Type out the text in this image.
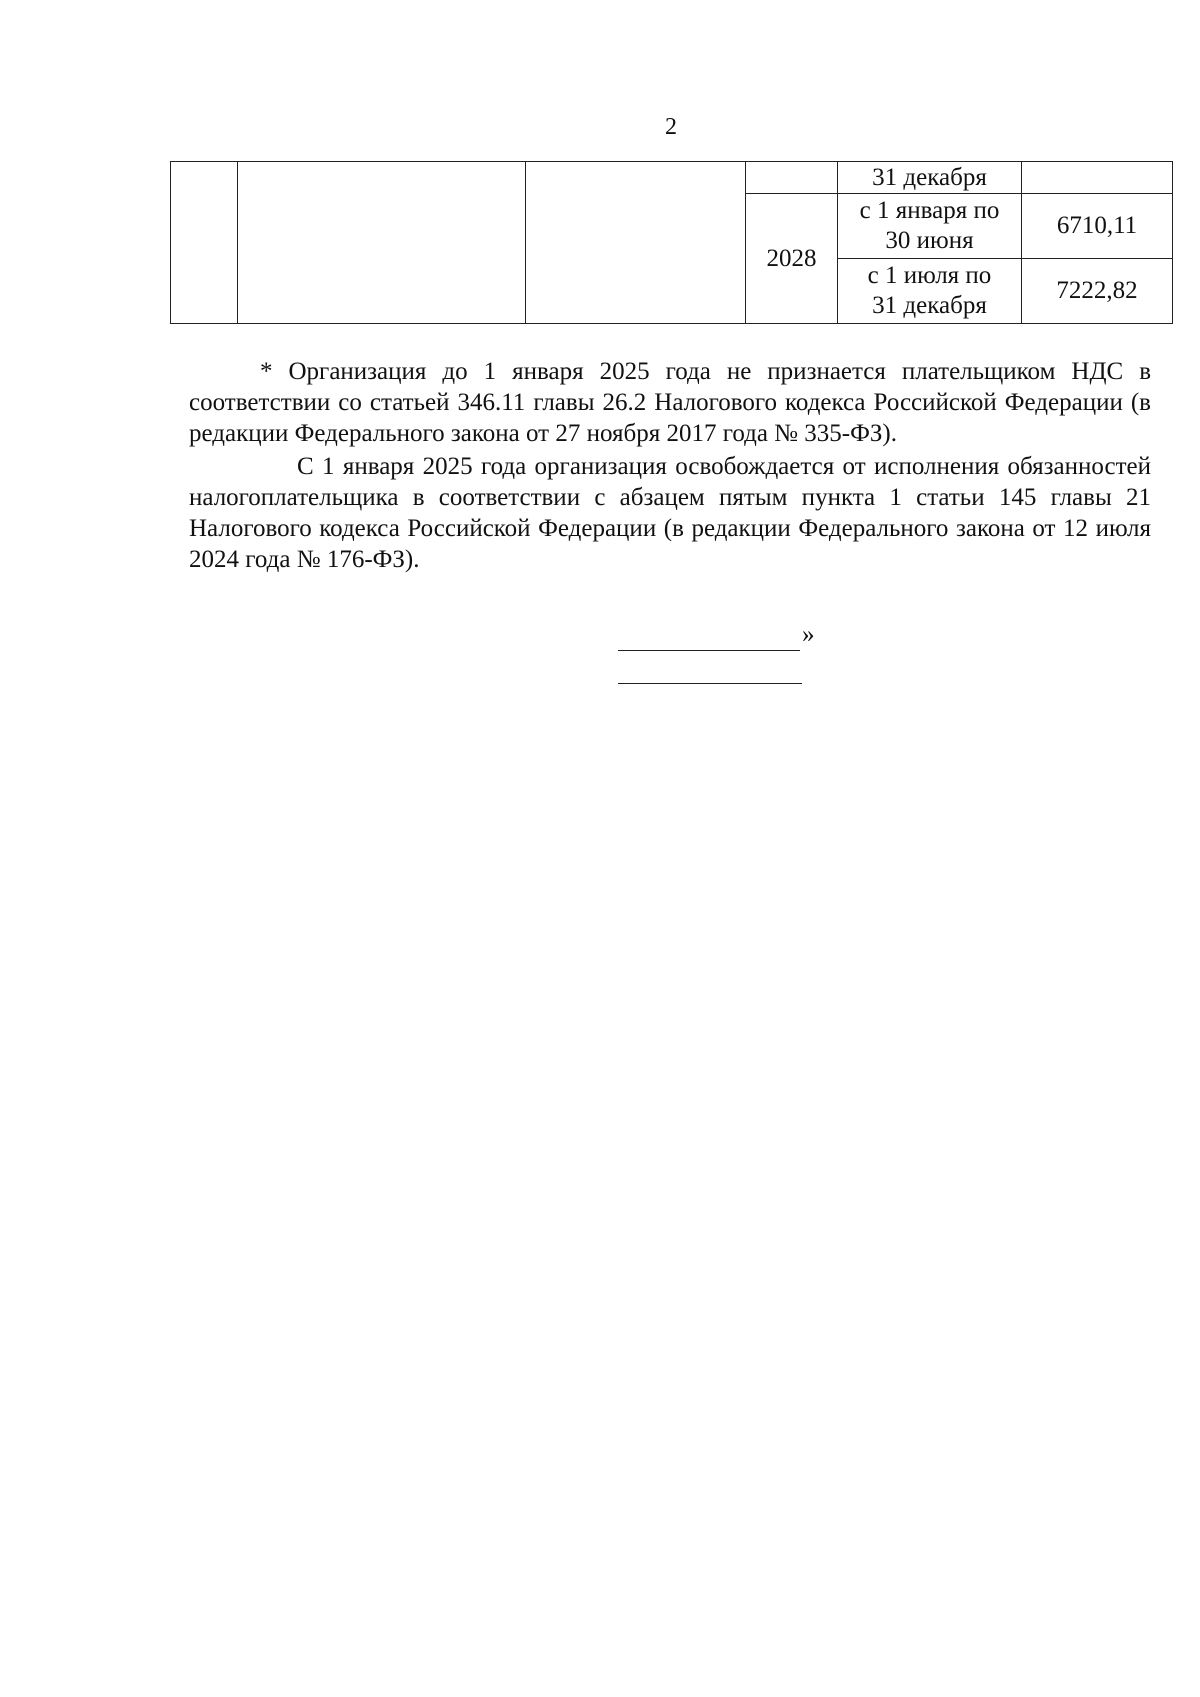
2
				31 декабря	
			2028	с 1 января по
30 июня	6710,11

				с 1 июля по
31 декабря	7222,82

* Организация до 1 января 2025 года не признается плательщиком НДС в соответствии со статьей 346.11 главы 26.2 Налогового кодекса Российской Федерации (в редакции Федерального закона от 27 ноября 2017 года № 335-ФЗ).

С 1 января 2025 года организация освобождается от исполнения обязанностей налогоплательщика в соответствии с абзацем пятым пункта 1 статьи 145 главы 21 Налогового кодекса Российской Федерации (в редакции Федерального закона от 12 июля 2024 года № 176-ФЗ).

»
